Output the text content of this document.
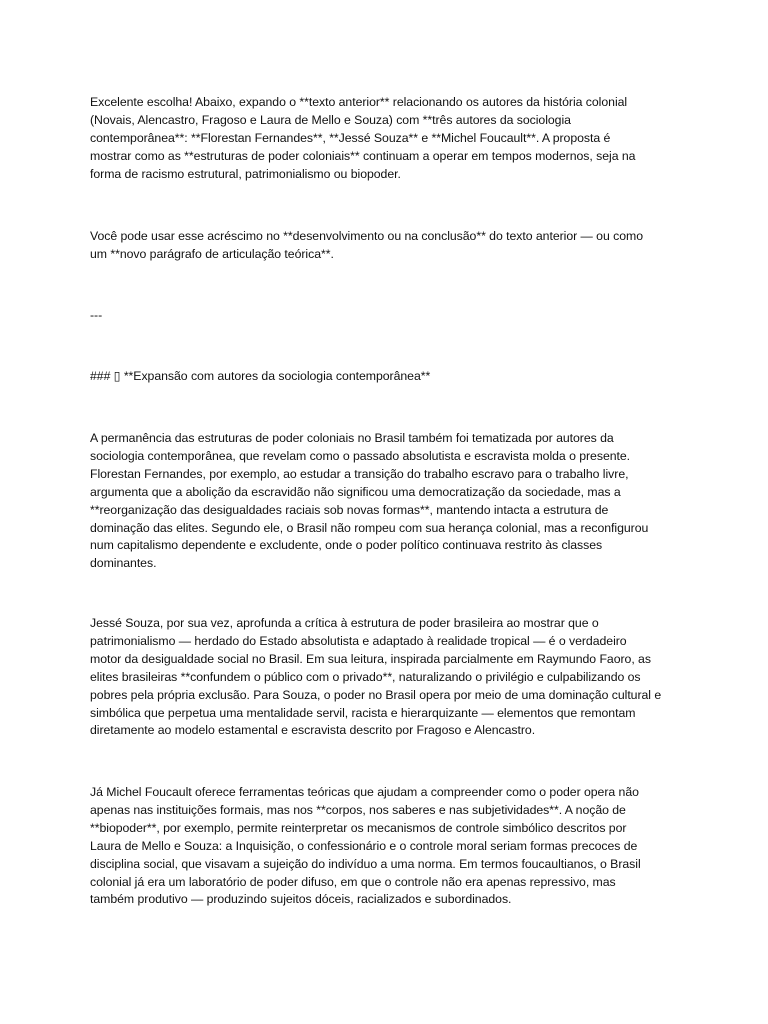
Excelente escolha! Abaixo, expando o **texto anterior** relacionando os autores da história colonial
(Novais, Alencastro, Fragoso e Laura de Mello e Souza) com **três autores da sociologia
contemporânea**: **Florestan Fernandes**, **Jessé Souza** e **Michel Foucault**. A proposta é
mostrar como as **estruturas de poder coloniais** continuam a operar em tempos modernos, seja na
forma de racismo estrutural, patrimonialismo ou biopoder.

Você pode usar esse acréscimo no **desenvolvimento ou na conclusão** do texto anterior — ou como
um **novo parágrafo de articulação teórica**.

---

### ▯ **Expansão com autores da sociologia contemporânea**

A permanência das estruturas de poder coloniais no Brasil também foi tematizada por autores da
sociologia contemporânea, que revelam como o passado absolutista e escravista molda o presente.
Florestan Fernandes, por exemplo, ao estudar a transição do trabalho escravo para o trabalho livre,
argumenta que a abolição da escravidão não significou uma democratização da sociedade, mas a
**reorganização das desigualdades raciais sob novas formas**, mantendo intacta a estrutura de
dominação das elites. Segundo ele, o Brasil não rompeu com sua herança colonial, mas a reconfigurou
num capitalismo dependente e excludente, onde o poder político continuava restrito às classes
dominantes.

Jessé Souza, por sua vez, aprofunda a crítica à estrutura de poder brasileira ao mostrar que o
patrimonialismo — herdado do Estado absolutista e adaptado à realidade tropical — é o verdadeiro
motor da desigualdade social no Brasil. Em sua leitura, inspirada parcialmente em Raymundo Faoro, as
elites brasileiras **confundem o público com o privado**, naturalizando o privilégio e culpabilizando os
pobres pela própria exclusão. Para Souza, o poder no Brasil opera por meio de uma dominação cultural e
simbólica que perpetua uma mentalidade servil, racista e hierarquizante — elementos que remontam
diretamente ao modelo estamental e escravista descrito por Fragoso e Alencastro.

Já Michel Foucault oferece ferramentas teóricas que ajudam a compreender como o poder opera não
apenas nas instituições formais, mas nos **corpos, nos saberes e nas subjetividades**. A noção de
**biopoder**, por exemplo, permite reinterpretar os mecanismos de controle simbólico descritos por
Laura de Mello e Souza: a Inquisição, o confessionário e o controle moral seriam formas precoces de
disciplina social, que visavam a sujeição do indivíduo a uma norma. Em termos foucaultianos, o Brasil
colonial já era um laboratório de poder difuso, em que o controle não era apenas repressivo, mas
também produtivo — produzindo sujeitos dóceis, racializados e subordinados.
